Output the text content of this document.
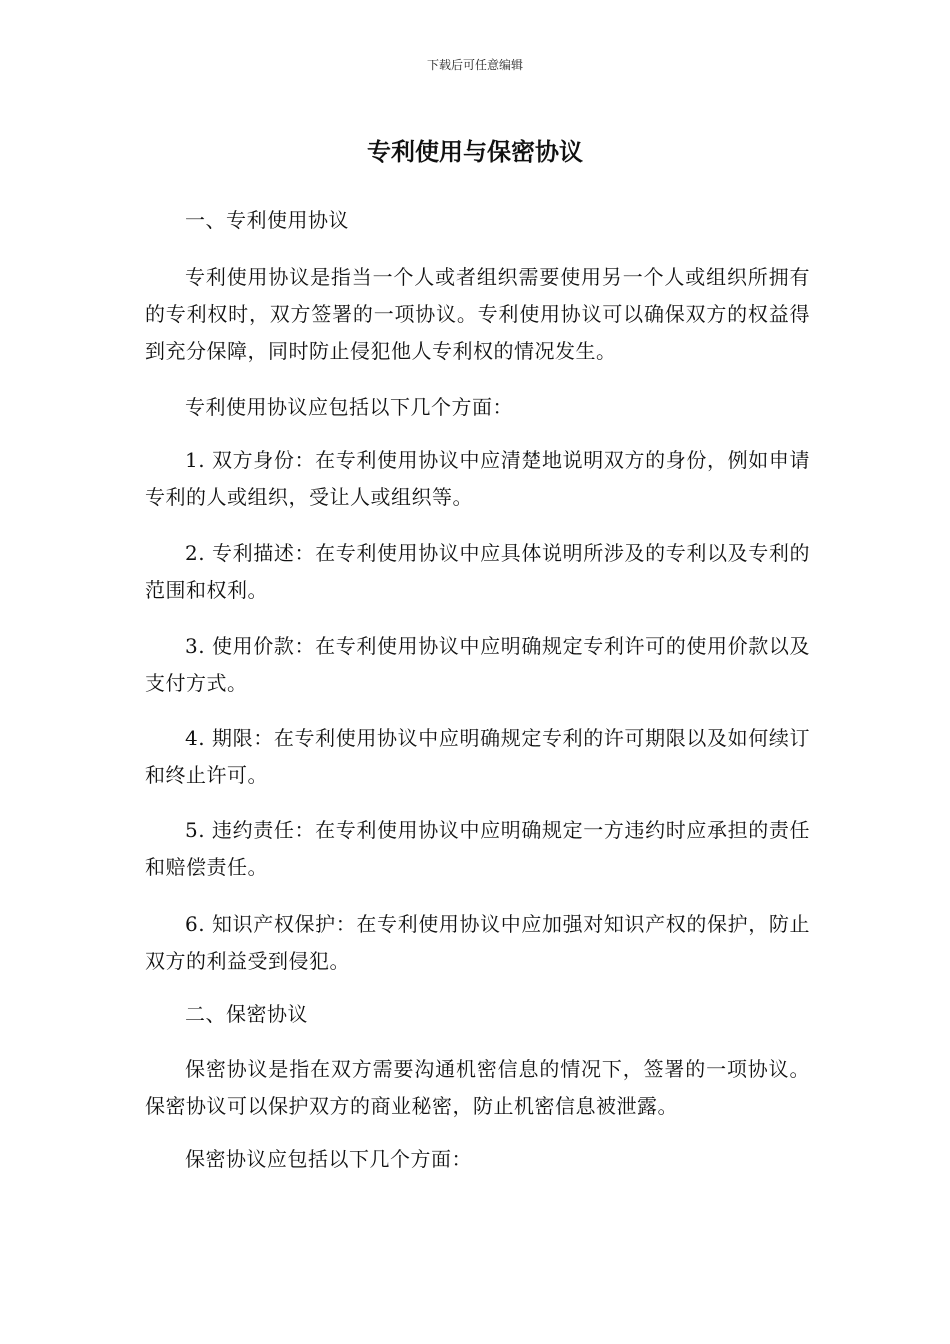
下载后可任意编辑
专利使用与保密协议

一、专利使用协议

专利使用协议是指当一个人或者组织需要使用另一个人或组织所拥有的专利权时，双方签署的一项协议。专利使用协议可以确保双方的权益得到充分保障，同时防止侵犯他人专利权的情况发生。

专利使用协议应包括以下几个方面：

1. 双方身份：在专利使用协议中应清楚地说明双方的身份，例如申请专利的人或组织，受让人或组织等。

2. 专利描述：在专利使用协议中应具体说明所涉及的专利以及专利的范围和权利。

3. 使用价款：在专利使用协议中应明确规定专利许可的使用价款以及支付方式。

4. 期限：在专利使用协议中应明确规定专利的许可期限以及如何续订和终止许可。

5. 违约责任：在专利使用协议中应明确规定一方违约时应承担的责任和赔偿责任。

6. 知识产权保护：在专利使用协议中应加强对知识产权的保护，防止双方的利益受到侵犯。

二、保密协议

保密协议是指在双方需要沟通机密信息的情况下，签署的一项协议。保密协议可以保护双方的商业秘密，防止机密信息被泄露。

保密协议应包括以下几个方面：
